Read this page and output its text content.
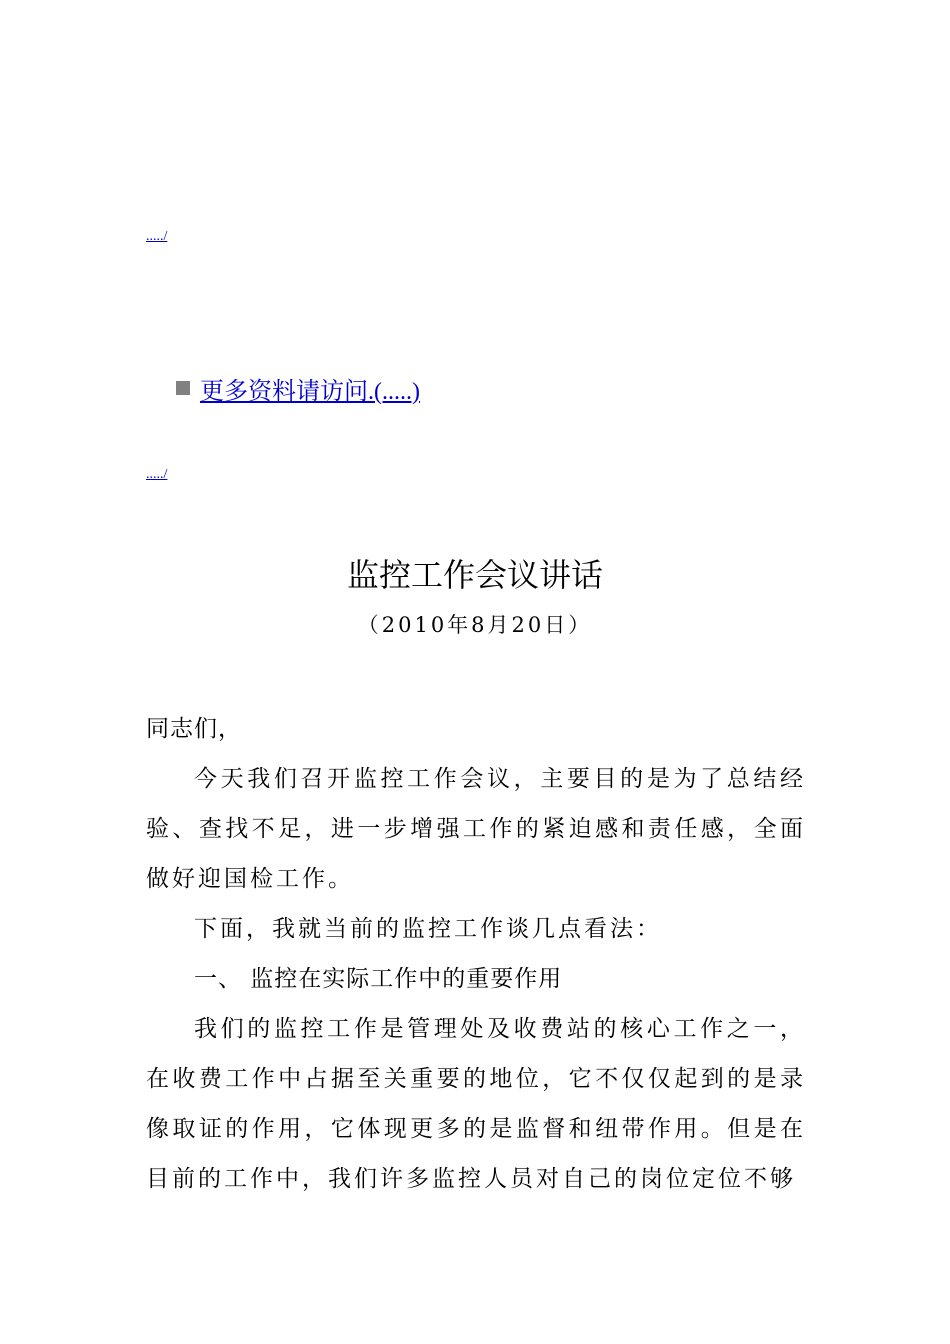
...../
更多资料请访问.(.....)
...../
监控工作会议讲话
（2010年8月20日）

同志们，

今天我们召开监控工作会议，主要目的是为了总结经验、查找不足，进一步增强工作的紧迫感和责任感，全面做好迎国检工作。

下面，我就当前的监控工作谈几点看法：

一、 监控在实际工作中的重要作用

我们的监控工作是管理处及收费站的核心工作之一，在收费工作中占据至关重要的地位，它不仅仅起到的是录像取证的作用，它体现更多的是监督和纽带作用。但是在目前的工作中，我们许多监控人员对自己的岗位定位不够
